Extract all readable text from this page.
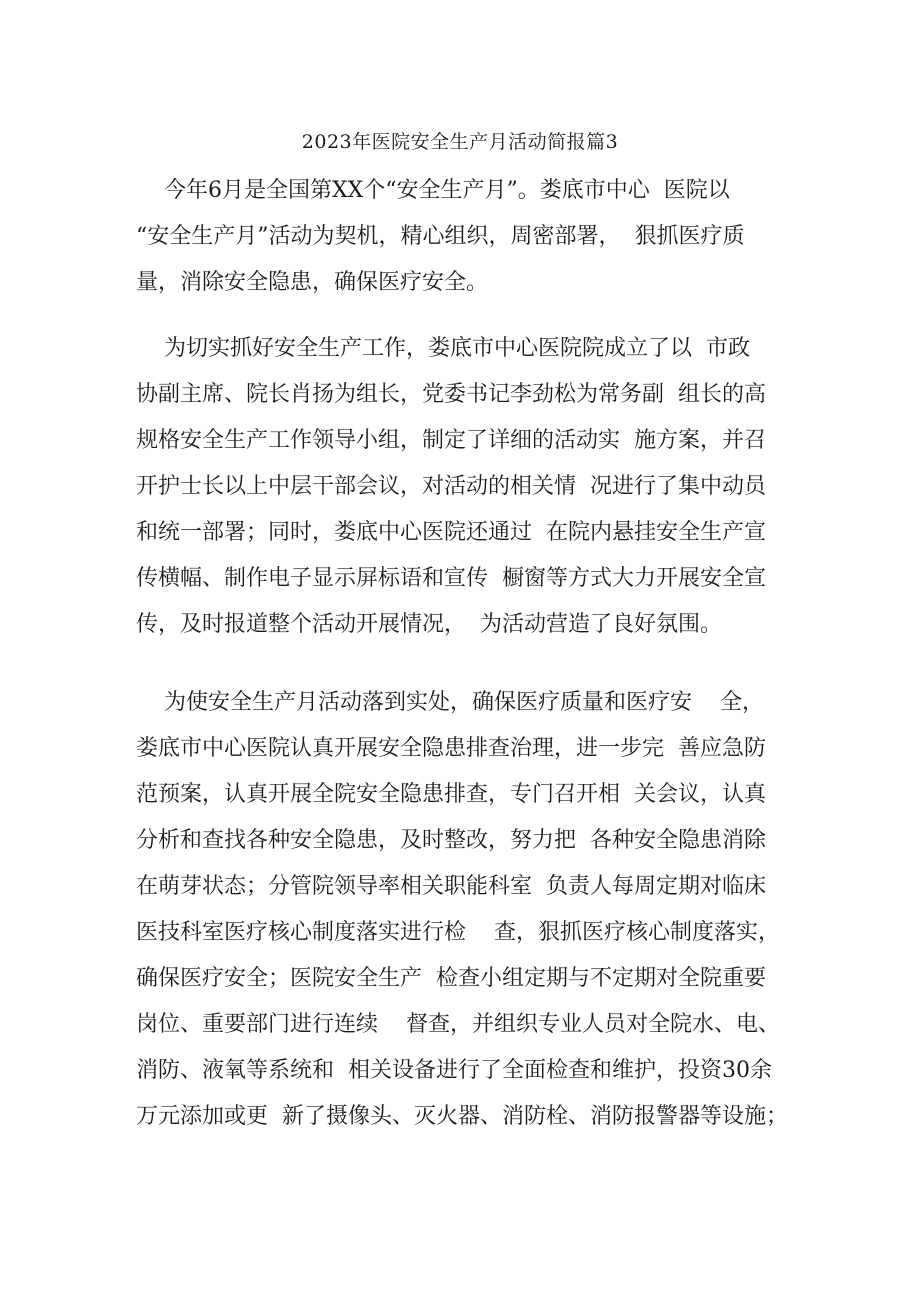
2023年医院安全生产月活动简报篇3
今年6月是全国第XX个“安全生产月”。娄底市中心  医院以
“安全生产月”活动为契机，精心组织，周密部署，  狠抓医疗质
量，消除安全隐患，确保医疗安全。
为切实抓好安全生产工作，娄底市中心医院院成立了以  市政
协副主席、院长肖扬为组长，党委书记李劲松为常务副  组长的高
规格安全生产工作领导小组，制定了详细的活动实  施方案，并召
开护士长以上中层干部会议，对活动的相关情  况进行了集中动员
和统一部署；同时，娄底中心医院还通过  在院内悬挂安全生产宣
传横幅、制作电子显示屏标语和宣传  橱窗等方式大力开展安全宣
传，及时报道整个活动开展情况，  为活动营造了良好氛围。
为使安全生产月活动落到实处，确保医疗质量和医疗安    全，
娄底市中心医院认真开展安全隐患排查治理，进一步完  善应急防
范预案，认真开展全院安全隐患排查，专门召开相  关会议，认真
分析和查找各种安全隐患，及时整改，努力把  各种安全隐患消除
在萌芽状态；分管院领导率相关职能科室  负责人每周定期对临床
医技科室医疗核心制度落实进行检    查，狠抓医疗核心制度落实，
确保医疗安全；医院安全生产  检查小组定期与不定期对全院重要
岗位、重要部门进行连续    督查，并组织专业人员对全院水、电、
消防、液氧等系统和  相关设备进行了全面检查和维护，投资30余
万元添加或更  新了摄像头、灭火器、消防栓、消防报警器等设施；
